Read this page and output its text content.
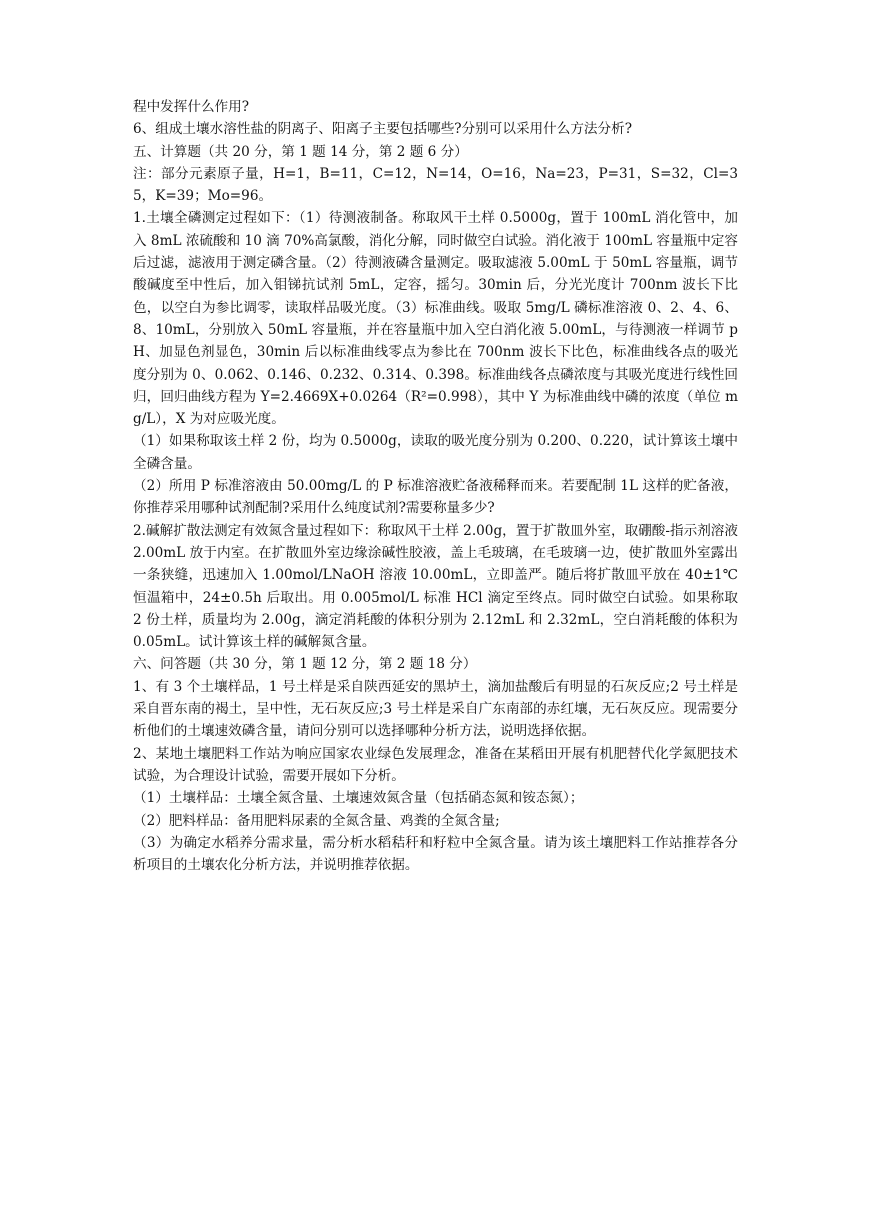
程中发挥什么作用?

6、组成土壤水溶性盐的阴离子、阳离子主要包括哪些?分别可以采用什么方法分析?

五、计算题（共 20 分，第 1 题 14 分，第 2 题 6 分）

注：部分元素原子量，H=1，B=11，C=12，N=14，O=16，Na=23，P=31，S=32，Cl=35，K=39；Mo=96。

1.土壤全磷测定过程如下：（1）待测液制备。称取风干土样 0.5000g，置于 100mL 消化管中，加入 8mL 浓硫酸和 10 滴 70%高氯酸，消化分解，同时做空白试验。消化液于 100mL 容量瓶中定容后过滤，滤液用于测定磷含量。（2）待测液磷含量测定。吸取滤液 5.00mL 于 50mL 容量瓶，调节酸碱度至中性后，加入钼锑抗试剂 5mL，定容，摇匀。30min 后，分光光度计 700nm 波长下比色，以空白为参比调零，读取样品吸光度。（3）标准曲线。吸取 5mg/L 磷标准溶液 0、2、4、6、8、10mL，分别放入 50mL 容量瓶，并在容量瓶中加入空白消化液 5.00mL，与待测液一样调节 pH、加显色剂显色，30min 后以标准曲线零点为参比在 700nm 波长下比色，标准曲线各点的吸光度分别为 0、0.062、0.146、0.232、0.314、0.398。标准曲线各点磷浓度与其吸光度进行线性回归，回归曲线方程为 Y=2.4669X+0.0264（R²=0.998），其中 Y 为标准曲线中磷的浓度（单位 mg/L），X 为对应吸光度。

（1）如果称取该土样 2 份，均为 0.5000g，读取的吸光度分别为 0.200、0.220，试计算该土壤中全磷含量。

（2）所用 P 标准溶液由 50.00mg/L 的 P 标准溶液贮备液稀释而来。若要配制 1L 这样的贮备液，你推荐采用哪种试剂配制?采用什么纯度试剂?需要称量多少?

2.碱解扩散法测定有效氮含量过程如下：称取风干土样 2.00g，置于扩散皿外室，取硼酸-指示剂溶液 2.00mL 放于内室。在扩散皿外室边缘涂碱性胶液，盖上毛玻璃，在毛玻璃一边，使扩散皿外室露出一条狭缝，迅速加入 1.00mol/LNaOH 溶液 10.00mL，立即盖严。随后将扩散皿平放在 40±1℃恒温箱中，24±0.5h 后取出。用 0.005mol/L 标准 HCl 滴定至终点。同时做空白试验。如果称取 2 份土样，质量均为 2.00g，滴定消耗酸的体积分别为 2.12mL 和 2.32mL，空白消耗酸的体积为 0.05mL。试计算该土样的碱解氮含量。

六、问答题（共 30 分，第 1 题 12 分，第 2 题 18 分）

1、有 3 个土壤样品，1 号土样是采自陕西延安的黑垆土，滴加盐酸后有明显的石灰反应;2 号土样是采自晋东南的褐土，呈中性，无石灰反应;3 号土样是采自广东南部的赤红壤，无石灰反应。现需要分析他们的土壤速效磷含量，请问分别可以选择哪种分析方法，说明选择依据。

2、某地土壤肥料工作站为响应国家农业绿色发展理念，准备在某稻田开展有机肥替代化学氮肥技术试验，为合理设计试验，需要开展如下分析。

（1）土壤样品：土壤全氮含量、土壤速效氮含量（包括硝态氮和铵态氮）；

（2）肥料样品：备用肥料尿素的全氮含量、鸡粪的全氮含量;

（3）为确定水稻养分需求量，需分析水稻秸秆和籽粒中全氮含量。请为该土壤肥料工作站推荐各分析项目的土壤农化分析方法，并说明推荐依据。
